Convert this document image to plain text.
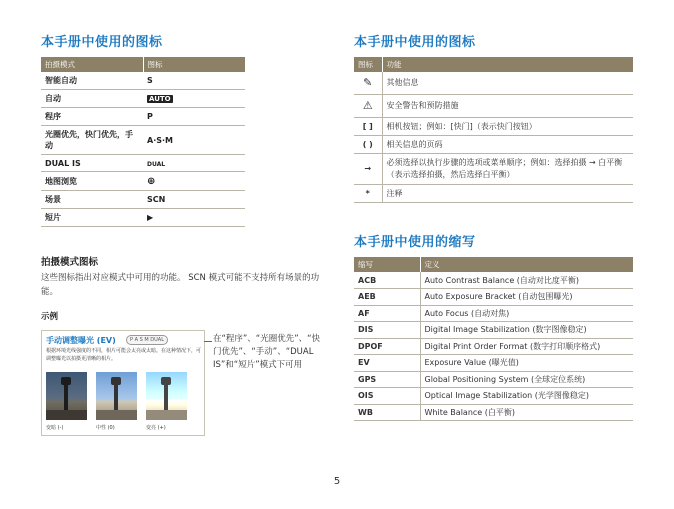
本手册中使用的图标
拍摄模式	图标
智能自动	S
自动	AUTO
程序	P
光圈优先，快门优先，手动	A·S·M
DUAL IS	DUAL
地图浏览	⊕
场景	SCN
短片	▶
拍摄模式图标
这些图标指出对应模式中可用的功能。 SCN 模式可能不支持所有场景的功能。
示例
手动调整曝光 (EV)	P A S M DUAL
根据环境光线强度的不同，相片可能会太亮或太暗。在这种情况下，可调整曝光以拍摄更清晰的相片。
变暗 (-)	中性 (0)	变亮 (+)
在“程序”、“光圈优先”、“快门优先”、“手动”、“DUAL IS”和“短片”模式下可用
本手册中使用的图标
图标	功能
✎	其他信息
⚠	安全警告和预防措施
[ ]	相机按钮；例如：[快门]（表示快门按钮）
( )	相关信息的页码
→	必须选择以执行步骤的选项或菜单顺序；例如：选择拍摄 → 白平衡（表示选择拍摄，然后选择白平衡）
*	注释
本手册中使用的缩写
缩写	定义
ACB	Auto Contrast Balance (自动对比度平衡)
AEB	Auto Exposure Bracket (自动包围曝光)
AF	Auto Focus (自动对焦)
DIS	Digital Image Stabilization (数字图像稳定)
DPOF	Digital Print Order Format (数字打印顺序格式)
EV	Exposure Value (曝光值)
GPS	Global Positioning System (全球定位系统)
OIS	Optical Image Stabilization (光学图像稳定)
WB	White Balance (白平衡)
5
